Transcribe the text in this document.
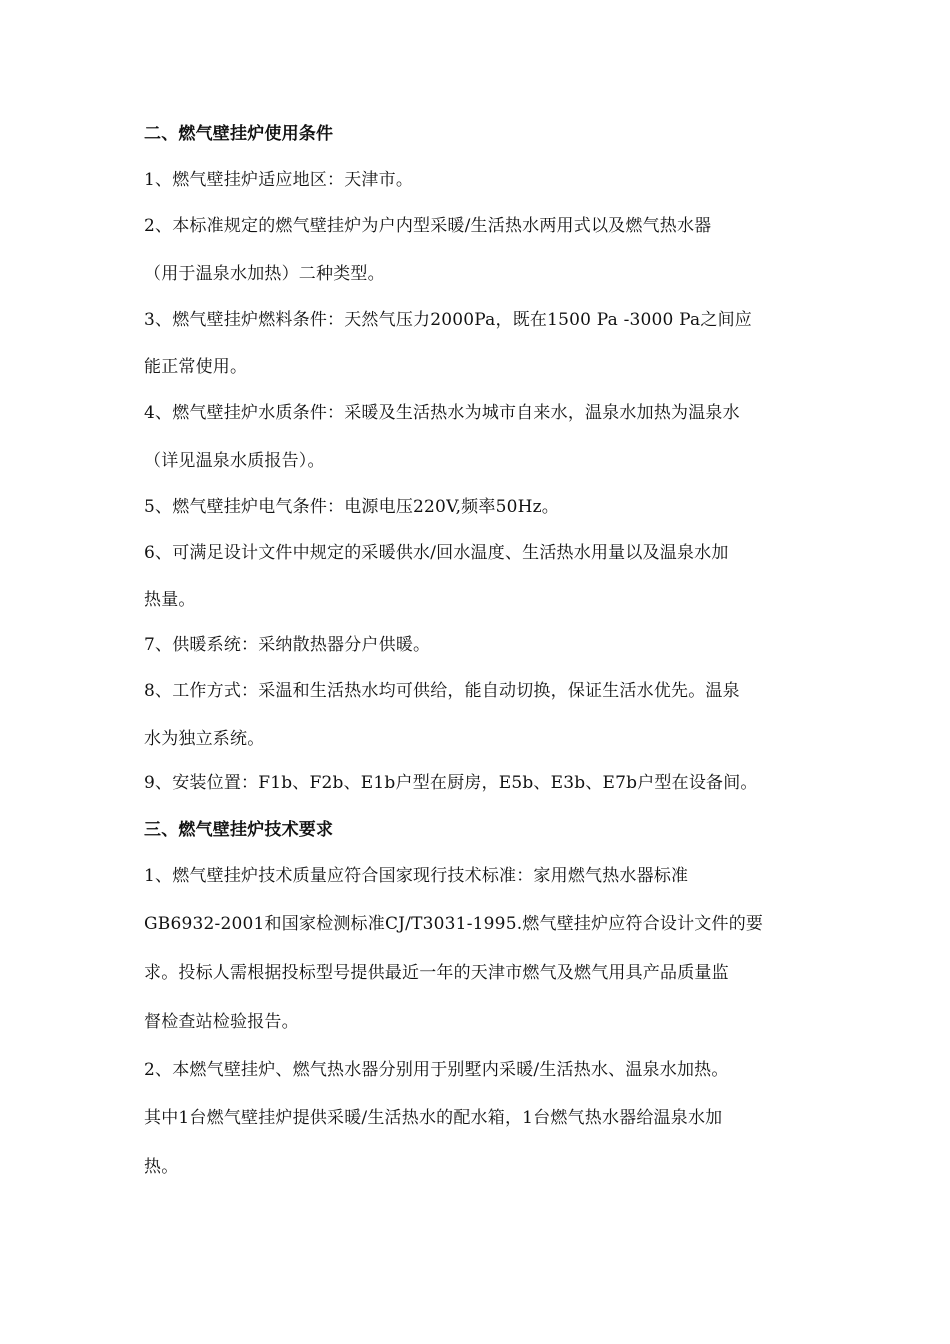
二、燃气壁挂炉使用条件
1、燃气壁挂炉适应地区：天津市。
2、本标准规定的燃气壁挂炉为户内型采暖/生活热水两用式以及燃气热水器
（用于温泉水加热）二种类型。
3、燃气壁挂炉燃料条件：天然气压力2000Pa，既在1500 Pa -3000 Pa之间应
能正常使用。
4、燃气壁挂炉水质条件：采暖及生活热水为城市自来水，温泉水加热为温泉水
（详见温泉水质报告）。
5、燃气壁挂炉电气条件：电源电压220V,频率50Hz。
6、可满足设计文件中规定的采暖供水/回水温度、生活热水用量以及温泉水加
热量。
7、供暖系统：采纳散热器分户供暖。
8、工作方式：采温和生活热水均可供给，能自动切换，保证生活水优先。温泉
水为独立系统。
9、安装位置：F1b、F2b、E1b户型在厨房，E5b、E3b、E7b户型在设备间。
三、燃气壁挂炉技术要求
1、燃气壁挂炉技术质量应符合国家现行技术标准：家用燃气热水器标准
GB6932-2001和国家检测标准CJ/T3031-1995.燃气壁挂炉应符合设计文件的要
求。投标人需根据投标型号提供最近一年的天津市燃气及燃气用具产品质量监
督检查站检验报告。
2、本燃气壁挂炉、燃气热水器分别用于别墅内采暖/生活热水、温泉水加热。
其中1台燃气壁挂炉提供采暖/生活热水的配水箱，1台燃气热水器给温泉水加
热。
